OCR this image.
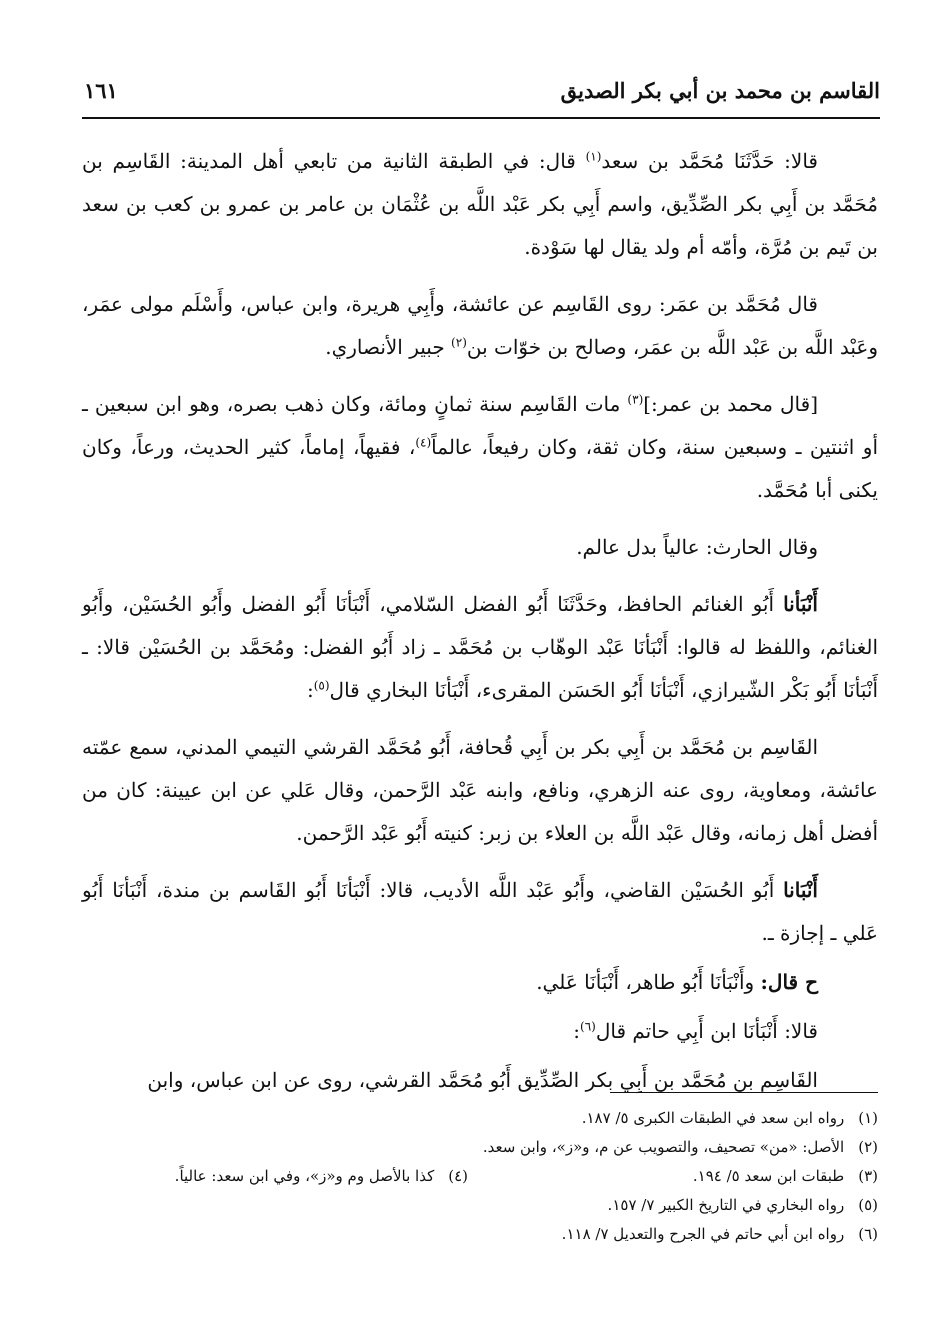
القاسم بن محمد بن أبي بكر الصديق
١٦١

قالا: حَدَّثَنَا مُحَمَّد بن سعد$^{(١)}$ قال: في الطبقة الثانية من تابعي أهل المدينة: القَاسِم بن مُحَمَّد بن أَبِي بكر الصِّدِّيق، واسم أَبِي بكر عَبْد اللَّه بن عُثْمَان بن عامر بن عمرو بن كعب بن سعد بن تَيم بن مُرَّة، وأمّه أم ولد يقال لها سَوْدة.

قال مُحَمَّد بن عمَر: روى القَاسِم عن عائشة، وأَبِي هريرة، وابن عباس، وأَسْلَم مولى عمَر، وعَبْد اللَّه بن عَبْد اللَّه بن عمَر، وصالح بن خوّات بن$^{(٢)}$ جبير الأنصاري.

[قال محمد بن عمر:]$^{(٣)}$ مات القَاسِم سنة ثمانٍ ومائة، وكان ذهب بصره، وهو ابن سبعين ـ أو اثنتين ـ وسبعين سنة، وكان ثقة، وكان رفيعاً، عالماً$^{(٤)}$، فقيهاً، إماماً، كثير الحديث، ورعاً، وكان يكنى أبا مُحَمَّد.

وقال الحارث: عالياً بدل عالم.

أَنْبَأنا أَبُو الغنائم الحافظ، وحَدَّثَنَا أَبُو الفضل السّلامي، أَنْبَأنَا أَبُو الفضل وأَبُو الحُسَيْن، وأَبُو الغنائم، واللفظ له قالوا: أَنْبَأنَا عَبْد الوهّاب بن مُحَمَّد ـ زاد أَبُو الفضل: ومُحَمَّد بن الحُسَيْن قالا: ـ أَنْبَأنَا أَبُو بَكْر الشّيرازي، أَنْبَأنَا أَبُو الحَسَن المقرىء، أَنْبَأنَا البخاري قال$^{(٥)}$:

القَاسِم بن مُحَمَّد بن أَبِي بكر بن أَبِي قُحافة، أَبُو مُحَمَّد القرشي التيمي المدني، سمع عمّته عائشة، ومعاوية، روى عنه الزهري، ونافع، وابنه عَبْد الرَّحمن، وقال عَلي عن ابن عيينة: كان من أفضل أهل زمانه، وقال عَبْد اللَّه بن العلاء بن زبر: كنيته أَبُو عَبْد الرَّحمن.

أَنْبَانا أَبُو الحُسَيْن القاضي، وأَبُو عَبْد اللَّه الأديب، قالا: أَنْبَأنَا أَبُو القَاسم بن مندة، أَنْبَأنَا أَبُو عَلي ـ إجازة ـ.

ح قال: وأَنْبَأنَا أَبُو طاهر، أَنْبَأنَا عَلي.

قالا: أَنْبَأنَا ابن أَبِي حاتم قال$^{(٦)}$:

القَاسِم بن مُحَمَّد بن أَبِي بكر الصِّدِّيق أَبُو مُحَمَّد القرشي، روى عن ابن عباس، وابن

(١)رواه ابن سعد في الطبقات الكبرى ٥/ ١٨٧.
(٢)الأصل: «من» تصحيف، والتصويب عن م، و«ز»، وابن سعد.
(٣)طبقات ابن سعد ٥/ ١٩٤.
(٤)كذا بالأصل وم و«ز»، وفي ابن سعد: عالياً.
(٥)رواه البخاري في التاريخ الكبير ٧/ ١٥٧.
(٦)رواه ابن أبي حاتم في الجرح والتعديل ٧/ ١١٨.
